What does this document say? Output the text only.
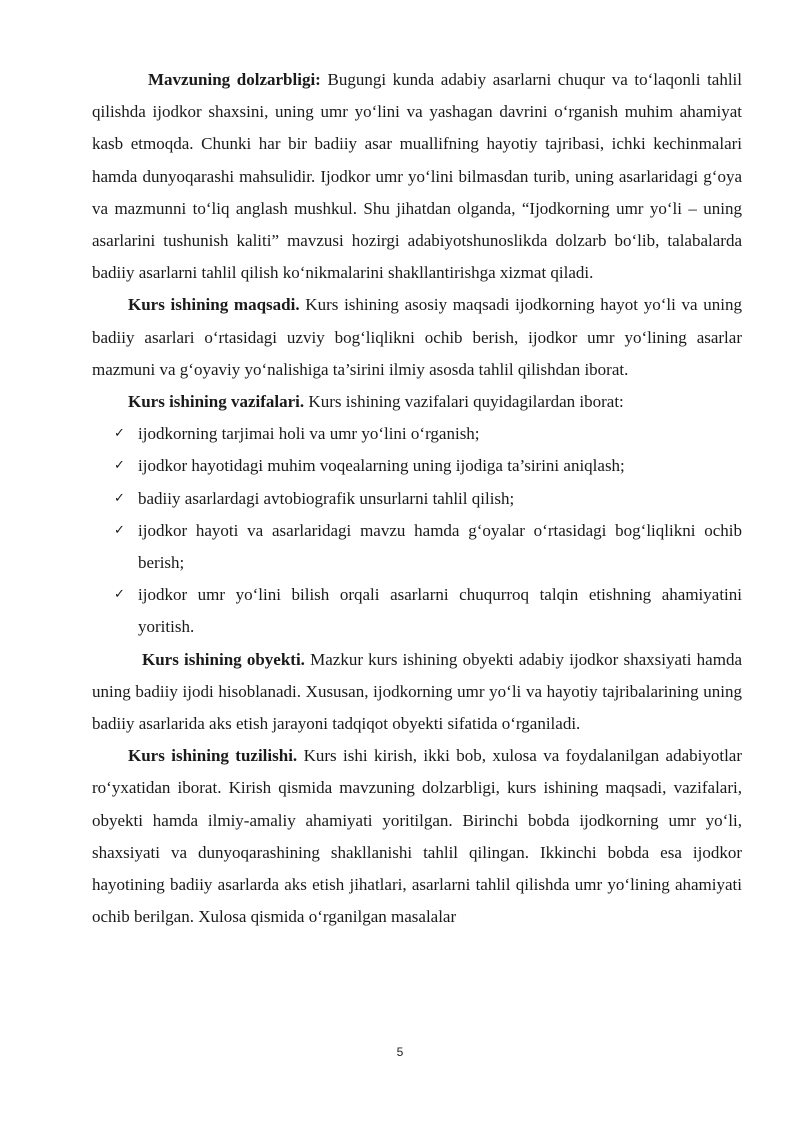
Mavzuning dolzarbligi: Bugungi kunda adabiy asarlarni chuqur va to‘laqonli tahlil qilishda ijodkor shaxsini, uning umr yo‘lini va yashagan davrini o‘rganish muhim ahamiyat kasb etmoqda. Chunki har bir badiiy asar muallifning hayotiy tajribasi, ichki kechinmalari hamda dunyoqarashi mahsulidir. Ijodkor umr yo‘lini bilmasdan turib, uning asarlaridagi g‘oya va mazmunni to‘liq anglash mushkul. Shu jihatdan olganda, “Ijodkorning umr yo‘li – uning asarlarini tushunish kaliti” mavzusi hozirgi adabiyotshunoslikda dolzarb bo‘lib, talabalarda badiiy asarlarni tahlil qilish ko‘nikmalarini shakllantirishga xizmat qiladi.

Kurs ishining maqsadi. Kurs ishining asosiy maqsadi ijodkorning hayot yo‘li va uning badiiy asarlari o‘rtasidagi uzviy bog‘liqlikni ochib berish, ijodkor umr yo‘lining asarlar mazmuni va g‘oyaviy yo‘nalishiga ta’sirini ilmiy asosda tahlil qilishdan iborat.

Kurs ishining vazifalari. Kurs ishining vazifalari quyidagilardan iborat:

✓ ijodkorning tarjimai holi va umr yo‘lini o‘rganish;
✓ ijodkor hayotidagi muhim voqealarning uning ijodiga ta’sirini aniqlash;
✓ badiiy asarlardagi avtobiografik unsurlarni tahlil qilish;
✓ ijodkor hayoti va asarlaridagi mavzu hamda g‘oyalar o‘rtasidagi bog‘liqlikni ochib berish;
✓ ijodkor umr yo‘lini bilish orqali asarlarni chuqurroq talqin etishning ahamiyatini yoritish.

Kurs ishining obyekti. Mazkur kurs ishining obyekti adabiy ijodkor shaxsiyati hamda uning badiiy ijodi hisoblanadi. Xususan, ijodkorning umr yo‘li va hayotiy tajribalarining uning badiiy asarlarida aks etish jarayoni tadqiqot obyekti sifatida o‘rganiladi.

Kurs ishining tuzilishi. Kurs ishi kirish, ikki bob, xulosa va foydalanilgan adabiyotlar ro‘yxatidan iborat. Kirish qismida mavzuning dolzarbligi, kurs ishining maqsadi, vazifalari, obyekti hamda ilmiy-amaliy ahamiyati yoritilgan. Birinchi bobda ijodkorning umr yo‘li, shaxsiyati va dunyoqarashining shakllanishi tahlil qilingan. Ikkinchi bobda esa ijodkor hayotining badiiy asarlarda aks etish jihatlari, asarlarni tahlil qilishda umr yo‘lining ahamiyati ochib berilgan. Xulosa qismida o‘rganilgan masalalar

5
